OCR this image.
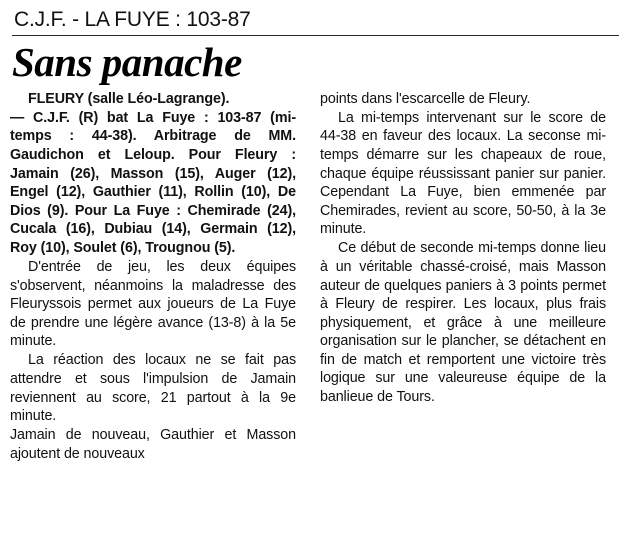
C.J.F. - LA FUYE : 103-87
Sans panache

FLEURY (salle Léo-Lagrange).

— C.J.F. (R) bat La Fuye : 103-87 (mi-temps : 44-38). Arbitrage de MM. Gaudichon et Leloup. Pour Fleury : Jamain (26), Masson (15), Auger (12), Engel (12), Gauthier (11), Rollin (10), De Dios (9). Pour La Fuye : Chemirade (24), Cucala (16), Dubiau (14), Germain (12), Roy (10), Soulet (6), Trougnou (5).

D'entrée de jeu, les deux équipes s'observent, néanmoins la maladresse des Fleuryssois permet aux joueurs de La Fuye de prendre une légère avance (13-8) à la 5e minute.

La réaction des locaux ne se fait pas attendre et sous l'impulsion de Jamain reviennent au score, 21 partout à la 9e minute.

Jamain de nouveau, Gauthier et Masson ajoutent de nouveaux

points dans l'escarcelle de Fleury.

La mi-temps intervenant sur le score de 44-38 en faveur des locaux. La seconse mi-temps démarre sur les chapeaux de roue, chaque équipe réussissant panier sur panier. Cependant La Fuye, bien emmenée par Chemirades, revient au score, 50-50, à la 3e minute.

Ce début de seconde mi-temps donne lieu à un véritable chassé-croisé, mais Masson auteur de quelques paniers à 3 points permet à Fleury de respirer. Les locaux, plus frais physiquement, et grâce à une meilleure organisation sur le plancher, se détachent en fin de match et remportent une victoire très logique sur une valeureuse équipe de la banlieue de Tours.
